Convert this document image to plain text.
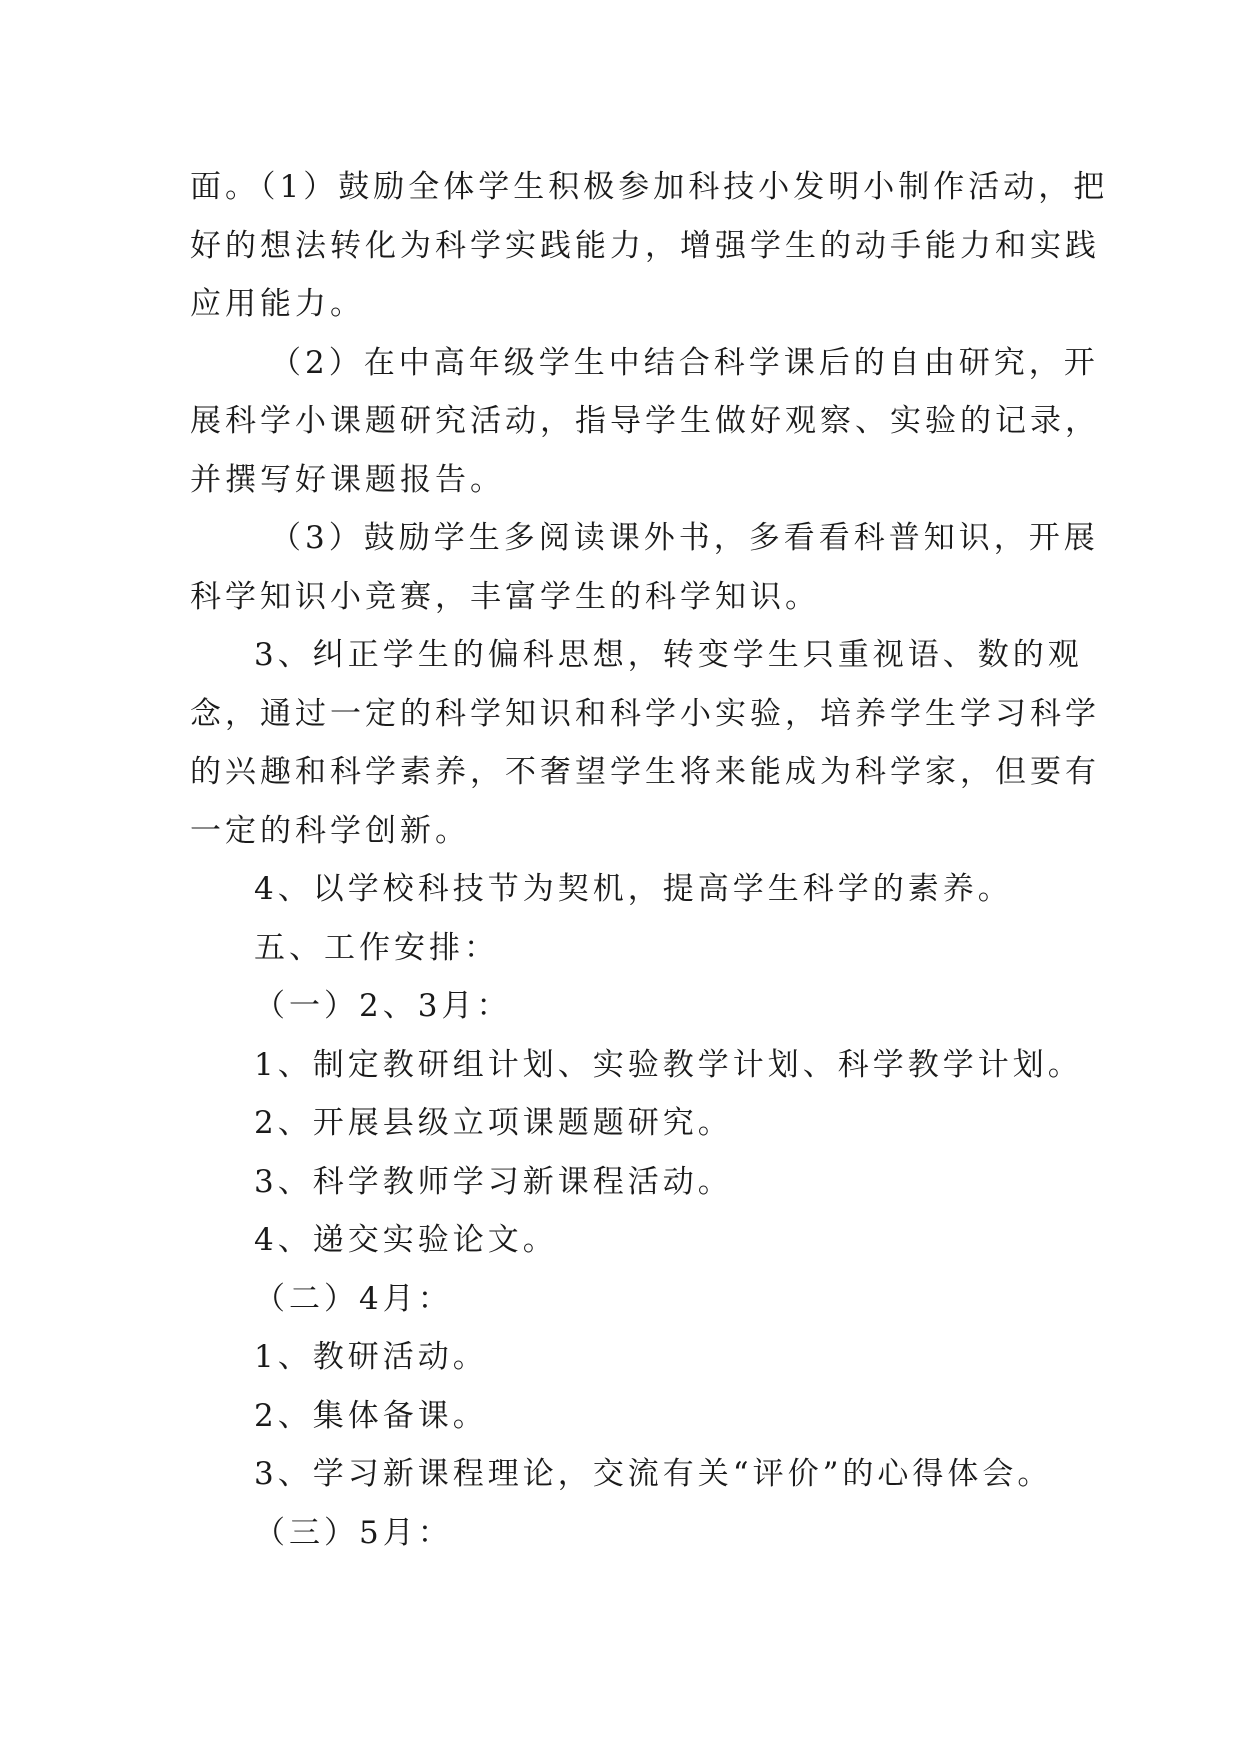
面。（1）鼓励全体学生积极参加科技小发明小制作活动，把

好的想法转化为科学实践能力，增强学生的动手能力和实践

应用能力。

（2）在中高年级学生中结合科学课后的自由研究，开

展科学小课题研究活动，指导学生做好观察、实验的记录，

并撰写好课题报告。

（3）鼓励学生多阅读课外书，多看看科普知识，开展

科学知识小竞赛，丰富学生的科学知识。

3、纠正学生的偏科思想，转变学生只重视语、数的观

念，通过一定的科学知识和科学小实验，培养学生学习科学

的兴趣和科学素养，不奢望学生将来能成为科学家，但要有

一定的科学创新。

4、以学校科技节为契机，提高学生科学的素养。

五、工作安排：

（一）2、3月：

1、制定教研组计划、实验教学计划、科学教学计划。

2、开展县级立项课题题研究。

3、科学教师学习新课程活动。

4、递交实验论文。

（二）4月：

1、教研活动。

2、集体备课。

3、学习新课程理论，交流有关“评价”的心得体会。

（三）5月：
